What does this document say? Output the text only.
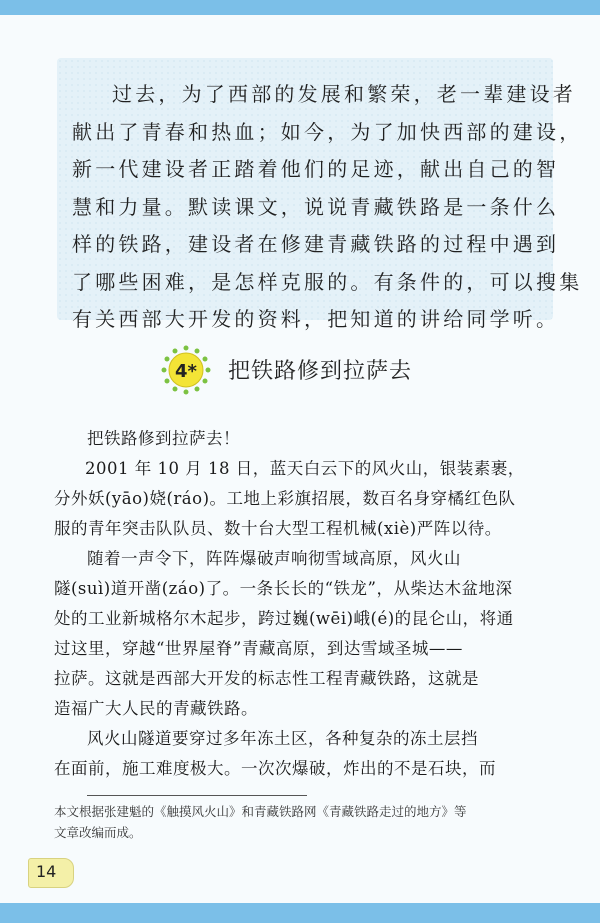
过去，为了西部的发展和繁荣，老一辈建设者
献出了青春和热血；如今，为了加快西部的建设，
新一代建设者正踏着他们的足迹，献出自己的智
慧和力量。默读课文，说说青藏铁路是一条什么
样的铁路，建设者在修建青藏铁路的过程中遇到
了哪些困难，是怎样克服的。有条件的，可以搜集
有关西部大开发的资料，把知道的讲给同学听。
4* 把铁路修到拉萨去
把铁路修到拉萨去！
2001 年 10 月 18 日，蓝天白云下的风火山，银装素裹，
分外妖(yāo)娆(ráo)。工地上彩旗招展，数百名身穿橘红色队
服的青年突击队队员、数十台大型工程机械(xiè)严阵以待。
随着一声令下，阵阵爆破声响彻雪域高原，风火山
隧(suì)道开凿(záo)了。一条长长的“铁龙”，从柴达木盆地深
处的工业新城格尔木起步，跨过巍(wēi)峨(é)的昆仑山，将通
过这里，穿越“世界屋脊”青藏高原，到达雪域圣城——
拉萨。这就是西部大开发的标志性工程青藏铁路，这就是
造福广大人民的青藏铁路。
风火山隧道要穿过多年冻土区，各种复杂的冻土层挡
在面前，施工难度极大。一次次爆破，炸出的不是石块，而
本文根据张建魁的《触摸风火山》和青藏铁路网《青藏铁路走过的地方》等
文章改编而成。
14
